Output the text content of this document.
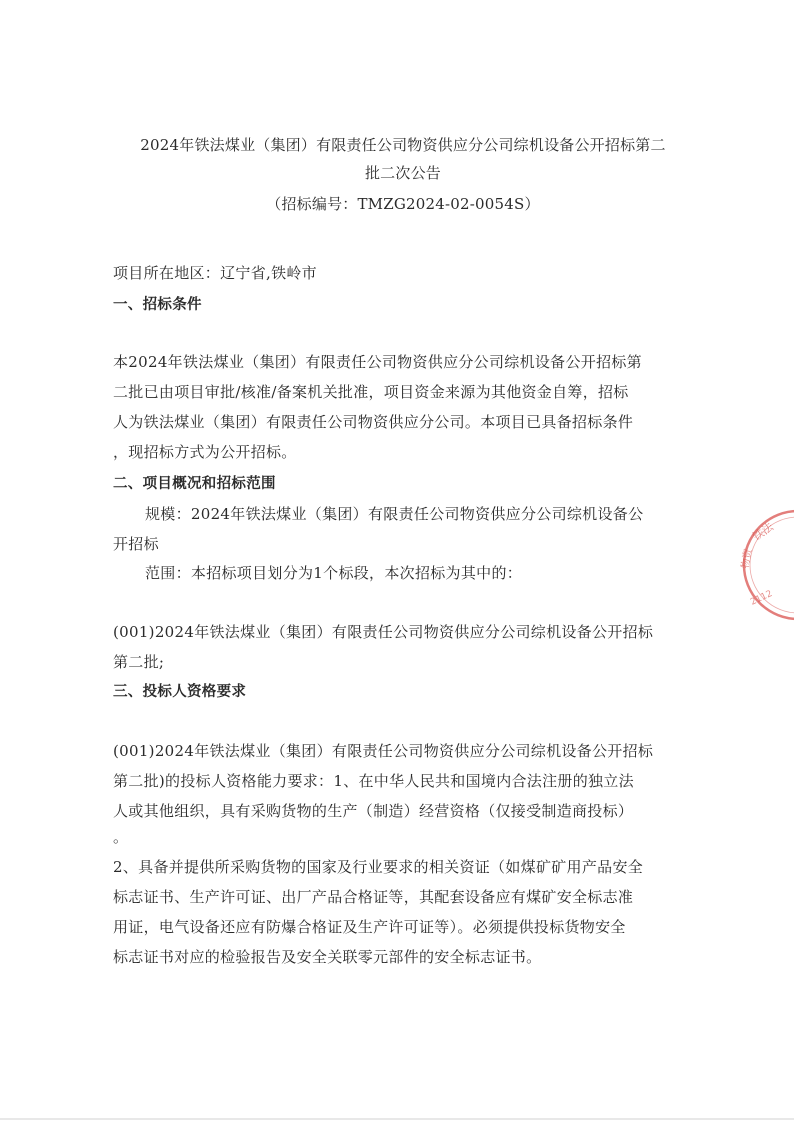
2024年铁法煤业（集团）有限责任公司物资供应分公司综机设备公开招标第二
批二次公告
（招标编号：TMZG2024-02-0054S）
项目所在地区：辽宁省,铁岭市
一、招标条件
本2024年铁法煤业（集团）有限责任公司物资供应分公司综机设备公开招标第
二批已由项目审批/核准/备案机关批准，项目资金来源为其他资金自筹，招标
人为铁法煤业（集团）有限责任公司物资供应分公司。本项目已具备招标条件
，现招标方式为公开招标。
二、项目概况和招标范围
规模：2024年铁法煤业（集团）有限责任公司物资供应分公司综机设备公
开招标
范围：本招标项目划分为1个标段，本次招标为其中的：
(001)2024年铁法煤业（集团）有限责任公司物资供应分公司综机设备公开招标
第二批;
三、投标人资格要求
(001)2024年铁法煤业（集团）有限责任公司物资供应分公司综机设备公开招标
第二批)的投标人资格能力要求：1、在中华人民共和国境内合法注册的独立法
人或其他组织，具有采购货物的生产（制造）经营资格（仅接受制造商投标）
。
2、具备并提供所采购货物的国家及行业要求的相关资证（如煤矿矿用产品安全
标志证书、生产许可证、出厂产品合格证等，其配套设备应有煤矿安全标志准
用证，电气设备还应有防爆合格证及生产许可证等）。必须提供投标货物安全
标志证书对应的检验报告及安全关联零元部件的安全标志证书。
铁法
物资
2112
